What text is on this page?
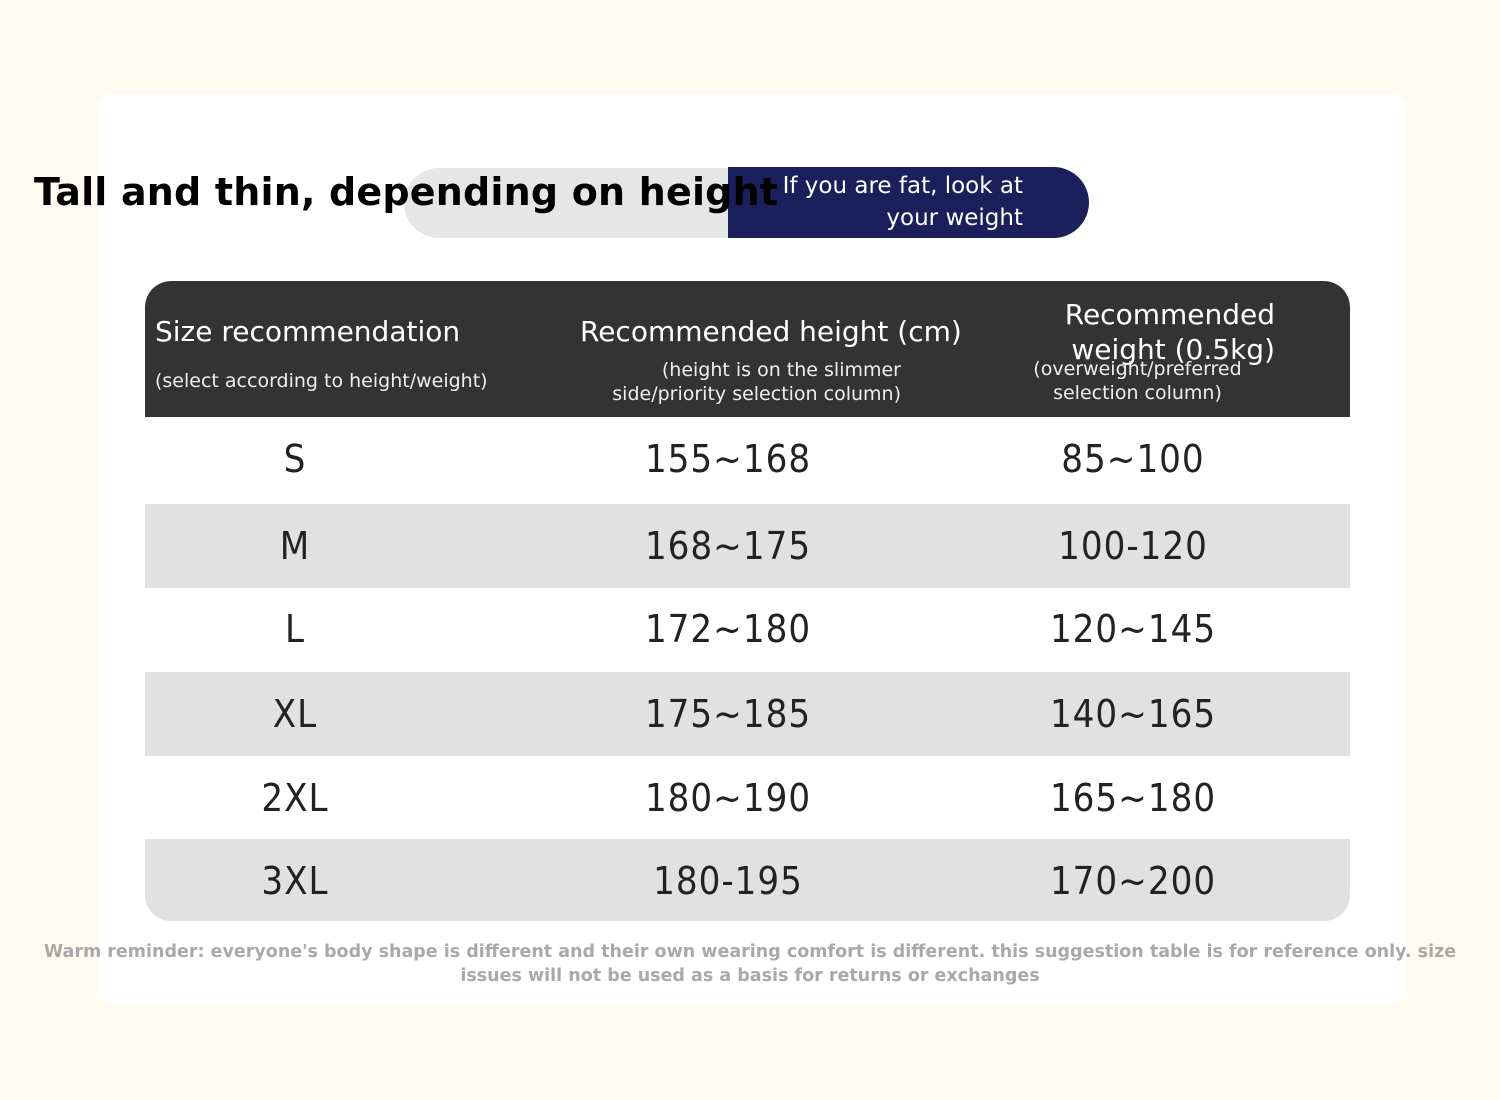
If you are fat, look at your weight
Tall and thin, depending on height
Size recommendation
(select according to height/weight)
Recommended height (cm)
(height is on the slimmer side/priority selection column)
Recommended weight (0.5kg)
(overweight/preferred selection column)
S	155~168	85~100
M	168~175	100-120
L	172~180	120~145
XL	175~185	140~165
2XL	180~190	165~180
3XL	180-195	170~200
Warm reminder: everyone's body shape is different and their own wearing comfort is different. this suggestion table is for reference only. size issues will not be used as a basis for returns or exchanges
